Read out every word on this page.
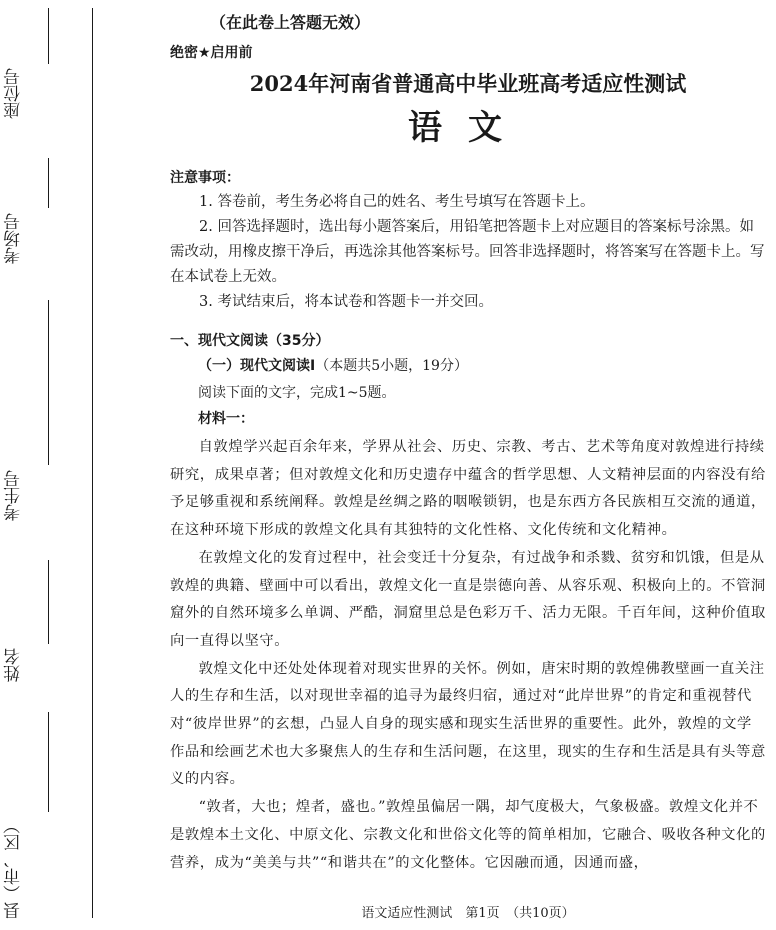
座位号
考场号
考生号
姓名
县（市、区）
（在此卷上答题无效）
绝密★启用前
2024年河南省普通高中毕业班高考适应性测试
语文
注意事项：

1. 答卷前，考生务必将自己的姓名、考生号填写在答题卡上。

2. 回答选择题时，选出每小题答案后，用铅笔把答题卡上对应题目的答案标号涂黑。如需改动，用橡皮擦干净后，再选涂其他答案标号。回答非选择题时，将答案写在答题卡上。写在本试卷上无效。

3. 考试结束后，将本试卷和答题卡一并交回。

一、现代文阅读（35分）
（一）现代文阅读Ⅰ（本题共5小题，19分）
阅读下面的文字，完成1~5题。
材料一：

自敦煌学兴起百余年来，学界从社会、历史、宗教、考古、艺术等角度对敦煌进行持续研究，成果卓著；但对敦煌文化和历史遗存中蕴含的哲学思想、人文精神层面的内容没有给予足够重视和系统阐释。敦煌是丝绸之路的咽喉锁钥，也是东西方各民族相互交流的通道，在这种环境下形成的敦煌文化具有其独特的文化性格、文化传统和文化精神。

在敦煌文化的发育过程中，社会变迁十分复杂，有过战争和杀戮、贫穷和饥饿，但是从敦煌的典籍、壁画中可以看出，敦煌文化一直是崇德向善、从容乐观、积极向上的。不管洞窟外的自然环境多么单调、严酷，洞窟里总是色彩万千、活力无限。千百年间，这种价值取向一直得以坚守。

敦煌文化中还处处体现着对现实世界的关怀。例如，唐宋时期的敦煌佛教壁画一直关注人的生存和生活，以对现世幸福的追寻为最终归宿，通过对“此岸世界”的肯定和重视替代对“彼岸世界”的玄想，凸显人自身的现实感和现实生活世界的重要性。此外，敦煌的文学作品和绘画艺术也大多聚焦人的生存和生活问题，在这里，现实的生存和生活是具有头等意义的内容。

“敦者，大也；煌者，盛也。”敦煌虽偏居一隅，却气度极大，气象极盛。敦煌文化并不是敦煌本土文化、中原文化、宗教文化和世俗文化等的简单相加，它融合、吸收各种文化的营养，成为“美美与共”“和谐共在”的文化整体。它因融而通，因通而盛，

语文适应性测试　第1页　（共10页）
